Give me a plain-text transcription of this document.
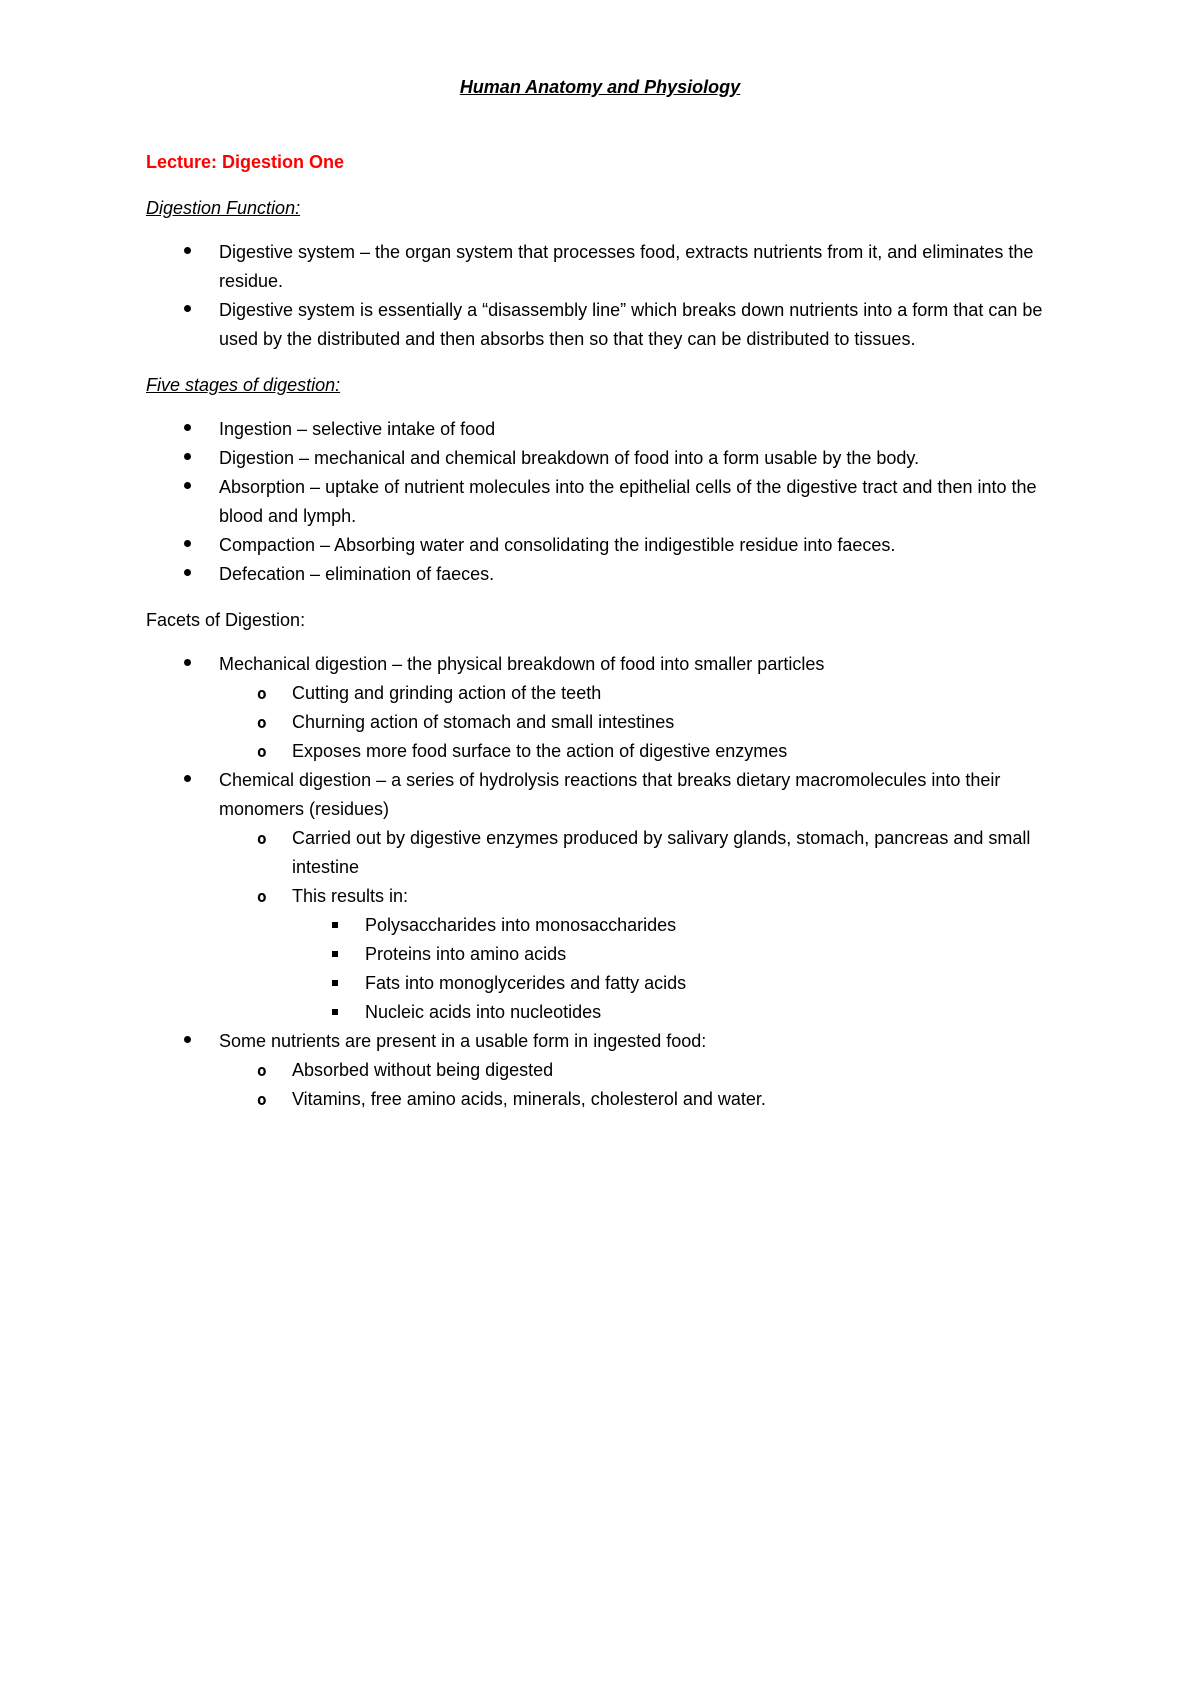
Human Anatomy and Physiology
Lecture: Digestion One
Digestion Function:
Digestive system – the organ system that processes food, extracts nutrients from it, and eliminates the residue.
Digestive system is essentially a “disassembly line” which breaks down nutrients into a form that can be used by the distributed and then absorbs then so that they can be distributed to tissues.
Five stages of digestion:
Ingestion – selective intake of food
Digestion – mechanical and chemical breakdown of food into a form usable by the body.
Absorption – uptake of nutrient molecules into the epithelial cells of the digestive tract and then into the blood and lymph.
Compaction – Absorbing water and consolidating the indigestible residue into faeces.
Defecation – elimination of faeces.
Facets of Digestion:
Mechanical digestion – the physical breakdown of food into smaller particles
o Cutting and grinding action of the teeth
o Churning action of stomach and small intestines
o Exposes more food surface to the action of digestive enzymes
Chemical digestion – a series of hydrolysis reactions that breaks dietary macromolecules into their monomers (residues)
o Carried out by digestive enzymes produced by salivary glands, stomach, pancreas and small intestine
o This results in:
Polysaccharides into monosaccharides
Proteins into amino acids
Fats into monoglycerides and fatty acids
Nucleic acids into nucleotides
Some nutrients are present in a usable form in ingested food:
o Absorbed without being digested
o Vitamins, free amino acids, minerals, cholesterol and water.
